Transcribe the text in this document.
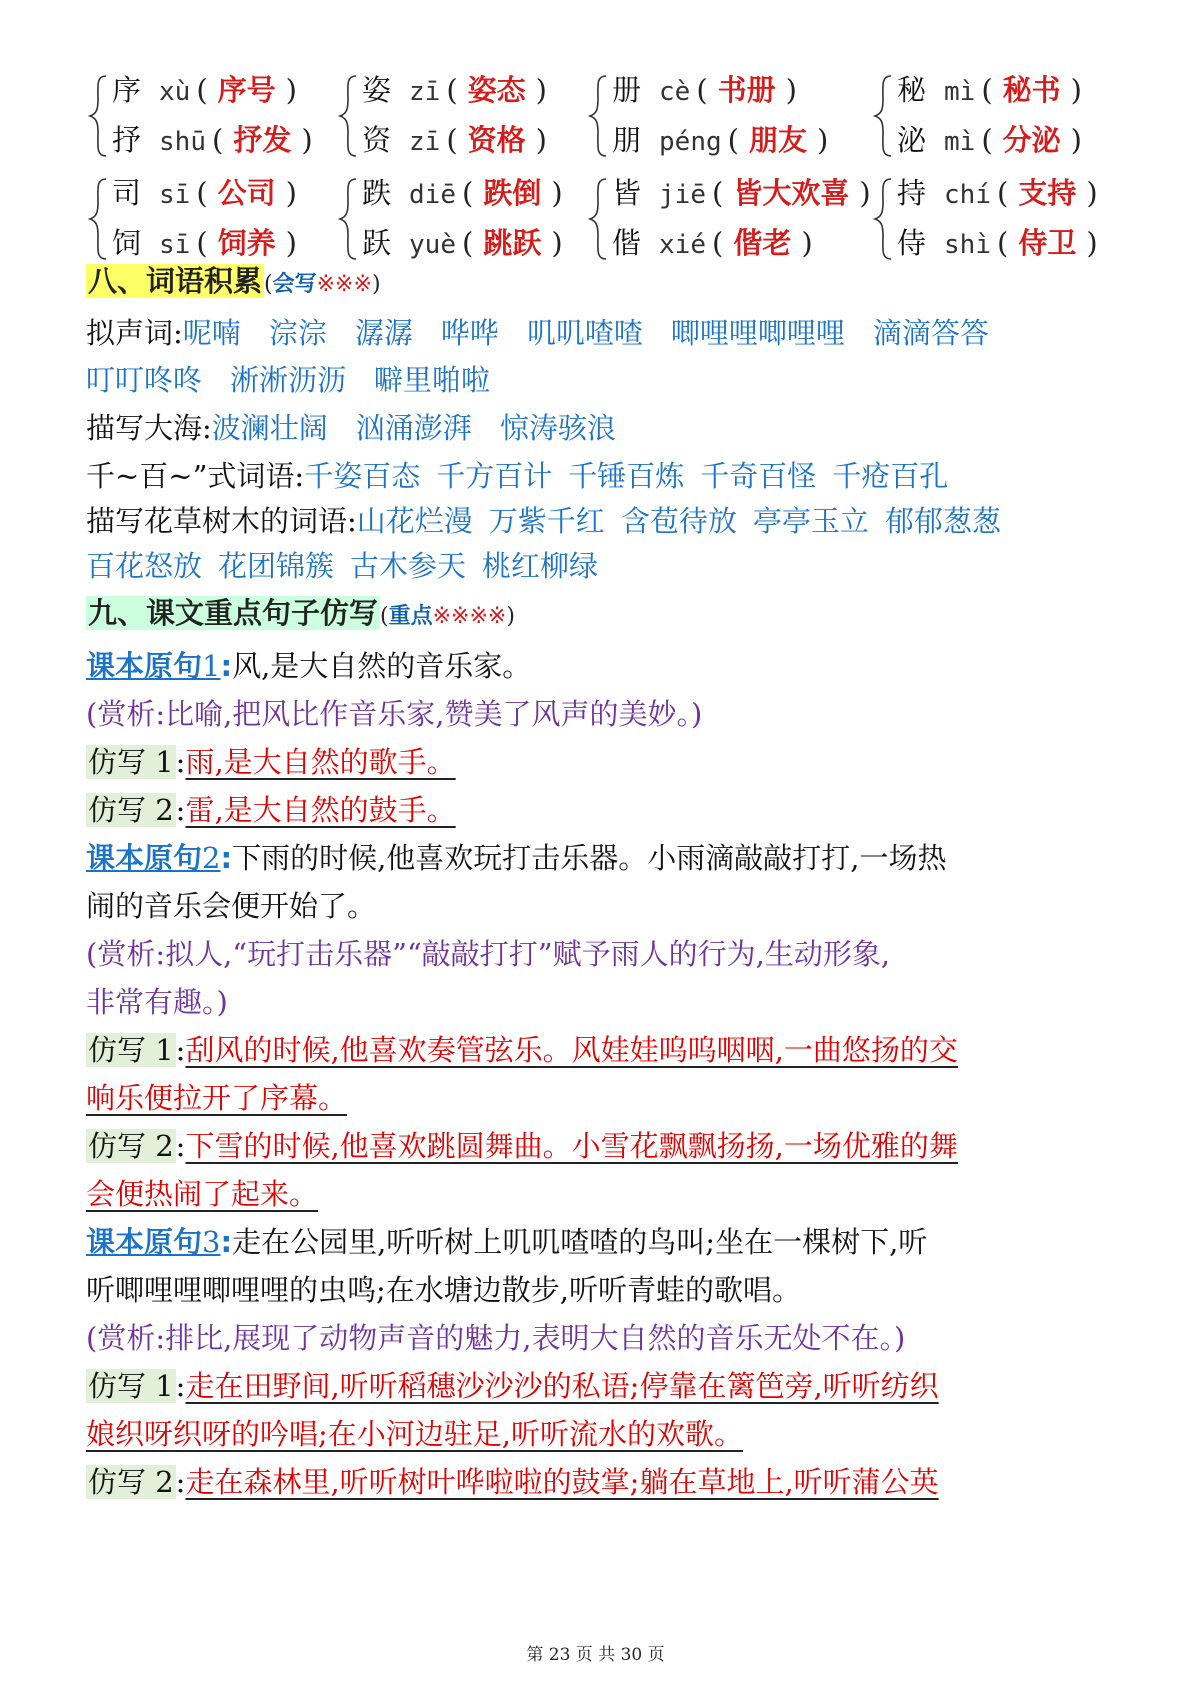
序 xù ( 序号 )
抒 shū ( 抒发 )
姿 zī ( 姿态 )
资 zī ( 资格 )
册 cè ( 书册 )
朋 péng ( 朋友 )
秘 mì ( 秘书 )
泌 mì ( 分泌 )
司 sī ( 公司 )
饲 sī ( 饲养 )
跌 diē ( 跌倒 )
跃 yuè ( 跳跃 )
皆 jiē ( 皆大欢喜 )
偕 xié ( 偕老 )
持 chí ( 支持 )
侍 shì ( 侍卫 )
八、词语积累(会写※※※)
拟声词:呢喃 淙淙 潺潺 哗哗 叽叽喳喳 唧哩哩唧哩哩 滴滴答答
叮叮咚咚 淅淅沥沥 噼里啪啦
描写大海:波澜壮阔 汹涌澎湃 惊涛骇浪
千~百~”式词语:千姿百态 千方百计 千锤百炼 千奇百怪 千疮百孔
描写花草树木的词语:山花烂漫 万紫千红 含苞待放 亭亭玉立 郁郁葱葱
百花怒放 花团锦簇 古木参天 桃红柳绿
九、课文重点句子仿写(重点※※※※)
课本原句1:风,是大自然的音乐家。
(赏析:比喻,把风比作音乐家,赞美了风声的美妙。)
仿写 1:雨,是大自然的歌手。
仿写 2:雷,是大自然的鼓手。
课本原句2:下雨的时候,他喜欢玩打击乐器。小雨滴敲敲打打,一场热
闹的音乐会便开始了。
(赏析:拟人,“玩打击乐器”“敲敲打打”赋予雨人的行为,生动形象,
非常有趣。)
仿写 1:刮风的时候,他喜欢奏管弦乐。风娃娃呜呜咽咽,一曲悠扬的交
响乐便拉开了序幕。
仿写 2:下雪的时候,他喜欢跳圆舞曲。小雪花飘飘扬扬,一场优雅的舞
会便热闹了起来。
课本原句3:走在公园里,听听树上叽叽喳喳的鸟叫;坐在一棵树下,听
听唧哩哩唧哩哩的虫鸣;在水塘边散步,听听青蛙的歌唱。
(赏析:排比,展现了动物声音的魅力,表明大自然的音乐无处不在。)
仿写 1:走在田野间,听听稻穗沙沙沙的私语;停靠在篱笆旁,听听纺织
娘织呀织呀的吟唱;在小河边驻足,听听流水的欢歌。
仿写 2:走在森林里,听听树叶哗啦啦的鼓掌;躺在草地上,听听蒲公英
第 23 页 共 30 页
